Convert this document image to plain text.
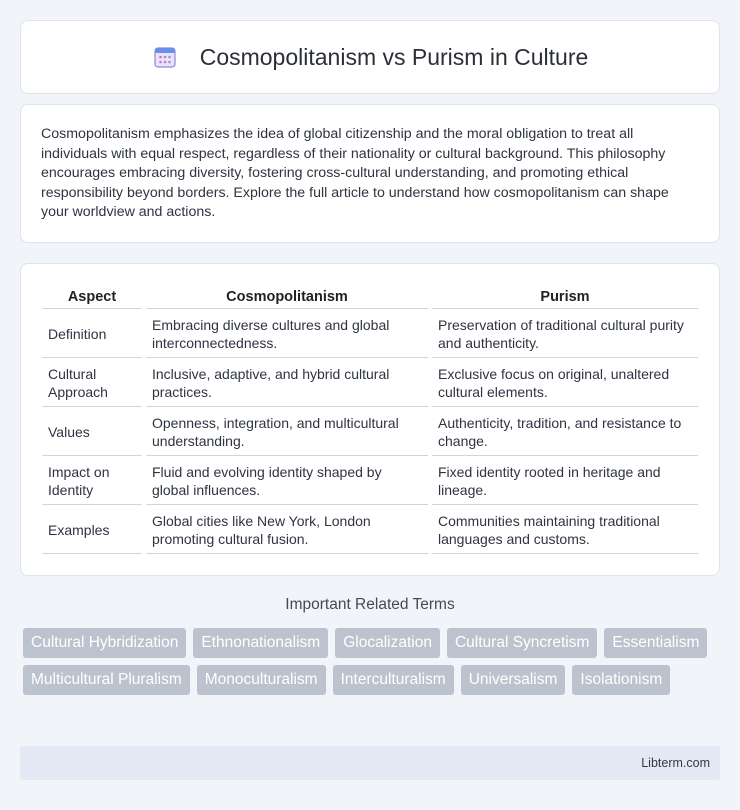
Cosmopolitanism vs Purism in Culture

Cosmopolitanism emphasizes the idea of global citizenship and the moral obligation to treat all individuals with equal respect, regardless of their nationality or cultural background. This philosophy encourages embracing diversity, fostering cross-cultural understanding, and promoting ethical responsibility beyond borders. Explore the full article to understand how cosmopolitanism can shape your worldview and actions.

Aspect	Cosmopolitanism	Purism
Definition	Embracing diverse cultures and global interconnectedness.	Preservation of traditional cultural purity and authenticity.
Cultural Approach	Inclusive, adaptive, and hybrid cultural practices.	Exclusive focus on original, unaltered cultural elements.
Values	Openness, integration, and multicultural understanding.	Authenticity, tradition, and resistance to change.
Impact on Identity	Fluid and evolving identity shaped by global influences.	Fixed identity rooted in heritage and lineage.
Examples	Global cities like New York, London promoting cultural fusion.	Communities maintaining traditional languages and customs.
Important Related Terms
Cultural Hybridization	Ethnonationalism	Glocalization	Cultural Syncretism	Essentialism
Multicultural Pluralism	Monoculturalism	Interculturalism	Universalism	Isolationism
Libterm.com
